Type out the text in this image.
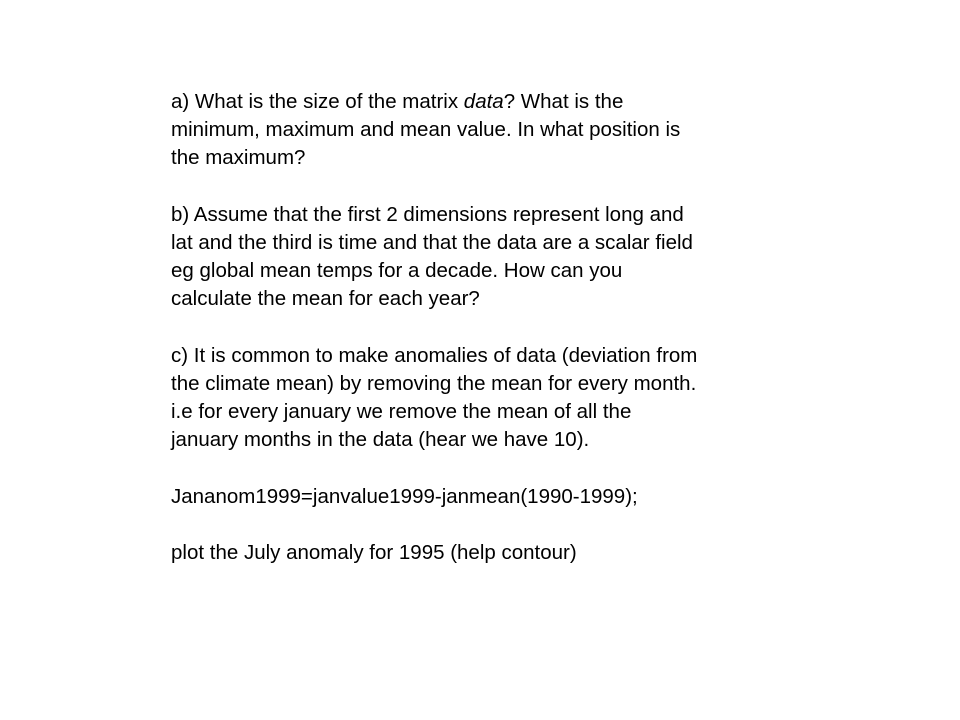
a) What is the size of the matrix data? What is the
minimum, maximum and mean value. In what position is
the maximum?

b) Assume that the first 2 dimensions represent long and
lat and the third is time and that the data are a scalar field
eg global mean temps for a decade. How can you
calculate the mean for each year?

c) It is common to make anomalies of data (deviation from
the climate mean) by removing the mean for every month.
i.e for every january we remove the mean of all the
january months in the data (hear we have 10).

Jananom1999=janvalue1999-janmean(1990-1999);

plot the July anomaly for 1995 (help contour)
